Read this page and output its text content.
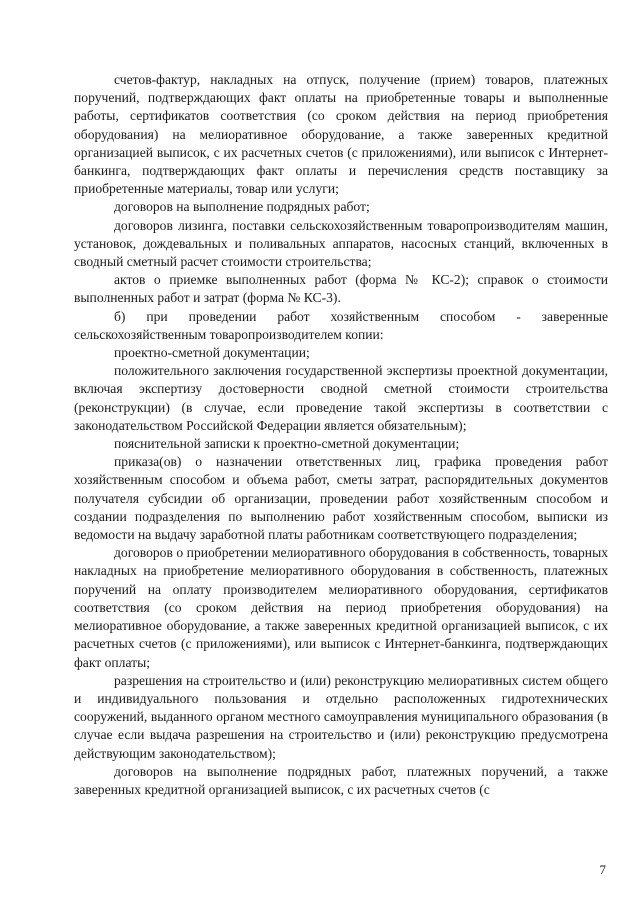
счетов-фактур, накладных на отпуск, получение (прием) товаров, платежных поручений, подтверждающих факт оплаты на приобретенные товары и выполненные работы, сертификатов соответствия (со сроком действия на период приобретения оборудования) на мелиоративное оборудование, а также заверенных кредитной организацией выписок, с их расчетных счетов (с приложениями), или выписок с Интернет-банкинга, подтверждающих факт оплаты и перечисления средств поставщику за приобретенные материалы, товар или услуги;

договоров на выполнение подрядных работ;

договоров лизинга, поставки сельскохозяйственным товаропроизводителям машин, установок, дождевальных и поливальных аппаратов, насосных станций, включенных в сводный сметный расчет стоимости строительства;

актов о приемке выполненных работ (форма № КС-2); справок о стоимости выполненных работ и затрат (форма № КС-3).

б) при проведении работ хозяйственным способом - заверенные сельскохозяйственным товаропроизводителем копии:

проектно-сметной документации;

положительного заключения государственной экспертизы проектной документации, включая экспертизу достоверности сводной сметной стоимости строительства (реконструкции) (в случае, если проведение такой экспертизы в соответствии с законодательством Российской Федерации является обязательным);

пояснительной записки к проектно-сметной документации;

приказа(ов) о назначении ответственных лиц, графика проведения работ хозяйственным способом и объема работ, сметы затрат, распорядительных документов получателя субсидии об организации, проведении работ хозяйственным способом и создании подразделения по выполнению работ хозяйственным способом, выписки из ведомости на выдачу заработной платы работникам соответствующего подразделения;

договоров о приобретении мелиоративного оборудования в собственность, товарных накладных на приобретение мелиоративного оборудования в собственность, платежных поручений на оплату производителем мелиоративного оборудования, сертификатов соответствия (со сроком действия на период приобретения оборудования) на мелиоративное оборудование, а также заверенных кредитной организацией выписок, с их расчетных счетов (с приложениями), или выписок с Интернет-банкинга, подтверждающих факт оплаты;

разрешения на строительство и (или) реконструкцию мелиоративных систем общего и индивидуального пользования и отдельно расположенных гидротехнических сооружений, выданного органом местного самоуправления муниципального образования (в случае если выдача разрешения на строительство и (или) реконструкцию предусмотрена действующим законодательством);

договоров на выполнение подрядных работ, платежных поручений, а также заверенных кредитной организацией выписок, с их расчетных счетов (с

7
